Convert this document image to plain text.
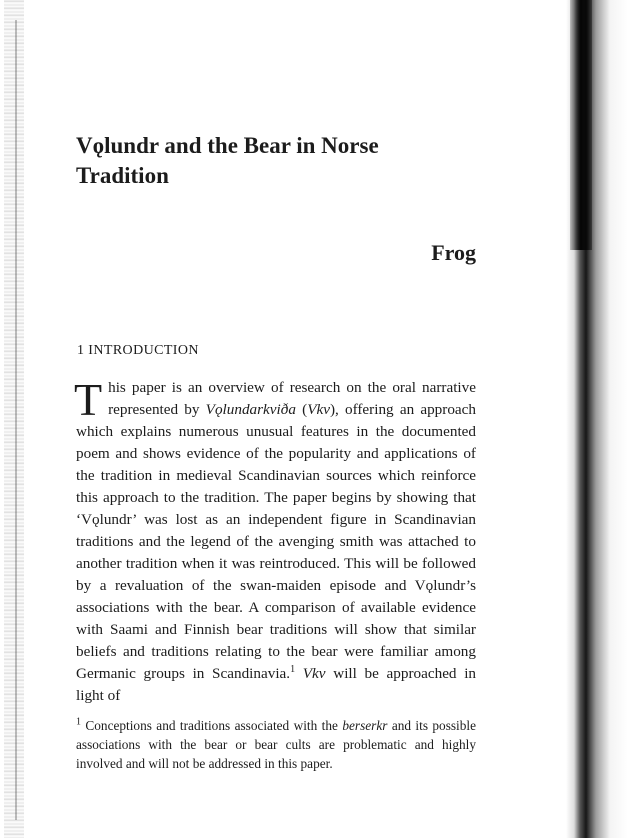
Vǫlundr and the Bear in Norse
Tradition

Frog

1 INTRODUCTION

This paper is an overview of research on the oral narrative represented by Vǫlundarkviða (Vkv), offering an approach which explains numerous unusual features in the documented poem and shows evidence of the popularity and applications of the tradition in medieval Scandinavian sources which reinforce this approach to the tradition. The paper begins by showing that ‘Vǫlundr’ was lost as an independent figure in Scandinavian traditions and the legend of the avenging smith was attached to another tradition when it was reintroduced. This will be followed by a revaluation of the swan-maiden episode and Vǫlundr’s associations with the bear. A comparison of available evidence with Saami and Finnish bear traditions will show that similar beliefs and traditions relating to the bear were familiar among Germanic groups in Scandinavia.$^1$ Vkv will be approached in light of

$^1$ Conceptions and traditions associated with the berserkr and its possible associations with the bear or bear cults are problematic and highly involved and will not be addressed in this paper.
